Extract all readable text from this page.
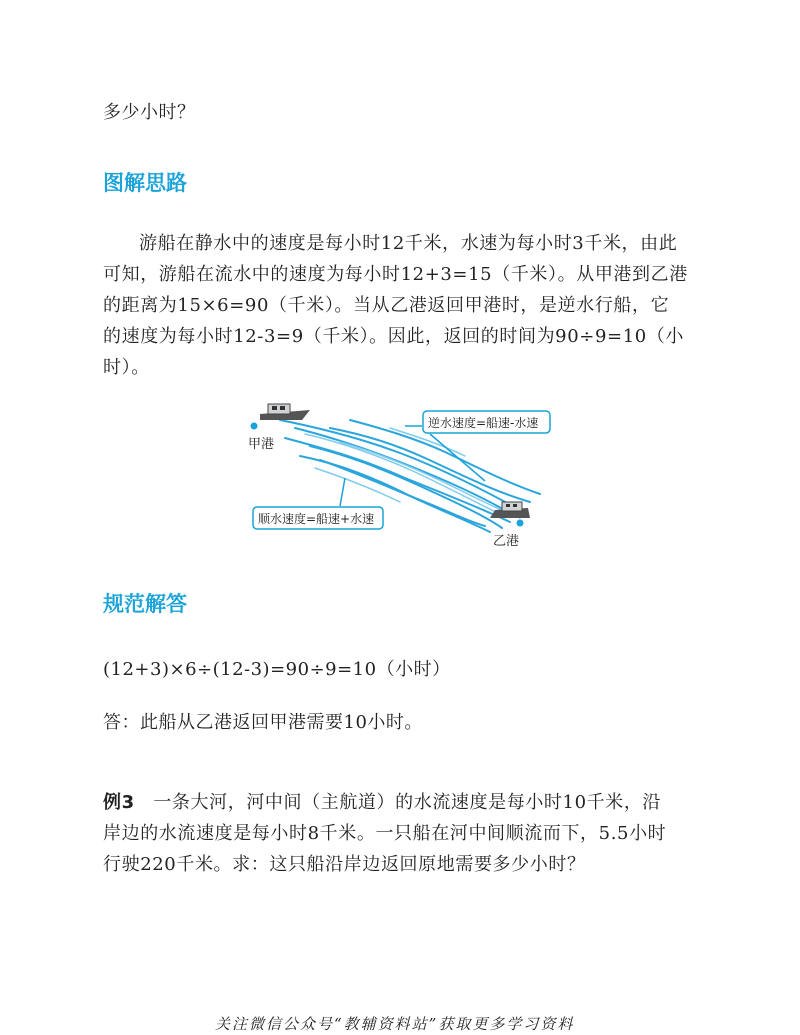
多少小时？
图解思路

游船在静水中的速度是每小时12千米，水速为每小时3千米，由此

可知，游船在流水中的速度为每小时12+3=15（千米）。从甲港到乙港

的距离为15×6=90（千米）。当从乙港返回甲港时，是逆水行船，它

的速度为每小时12-3=9（千米）。因此，返回的时间为90÷9=10（小

时）。

甲港
乙港
逆水速度=船速-水速
顺水速度=船速+水速
规范解答
(12+3)×6÷(12-3)=90÷9=10（小时）
答：此船从乙港返回甲港需要10小时。

例3　一条大河，河中间（主航道）的水流速度是每小时10千米，沿

岸边的水流速度是每小时8千米。一只船在河中间顺流而下，5.5小时

行驶220千米。求：这只船沿岸边返回原地需要多少小时？

关注微信公众号“教辅资料站”获取更多学习资料
